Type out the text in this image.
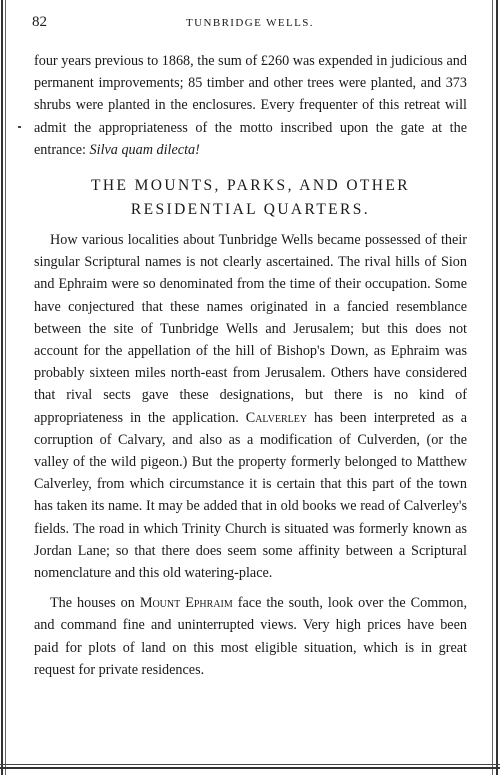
82	TUNBRIDGE WELLS.

four years previous to 1868, the sum of £260 was expended in judicious and permanent improvements; 85 timber and other trees were planted, and 373 shrubs were planted in the enclosures. Every frequenter of this retreat will admit the appropriateness of the motto inscribed upon the gate at the entrance: Silva quam dilecta!

THE MOUNTS, PARKS, AND OTHER
RESIDENTIAL QUARTERS.

How various localities about Tunbridge Wells became possessed of their singular Scriptural names is not clearly ascertained. The rival hills of Sion and Ephraim were so denominated from the time of their occupation. Some have conjectured that these names originated in a fancied resemblance between the site of Tunbridge Wells and Jerusalem; but this does not account for the appellation of the hill of Bishop's Down, as Ephraim was probably sixteen miles north-east from Jerusalem. Others have considered that rival sects gave these designations, but there is no kind of appropriateness in the application. Calverley has been interpreted as a corruption of Calvary, and also as a modification of Culverden, (or the valley of the wild pigeon.) But the property formerly belonged to Matthew Calverley, from which circumstance it is certain that this part of the town has taken its name. It may be added that in old books we read of Calverley's fields. The road in which Trinity Church is situated was formerly known as Jordan Lane; so that there does seem some affinity between a Scriptural nomenclature and this old watering-place.

The houses on Mount Ephraim face the south, look over the Common, and command fine and uninterrupted views. Very high prices have been paid for plots of land on this most eligible situation, which is in great request for private residences.
